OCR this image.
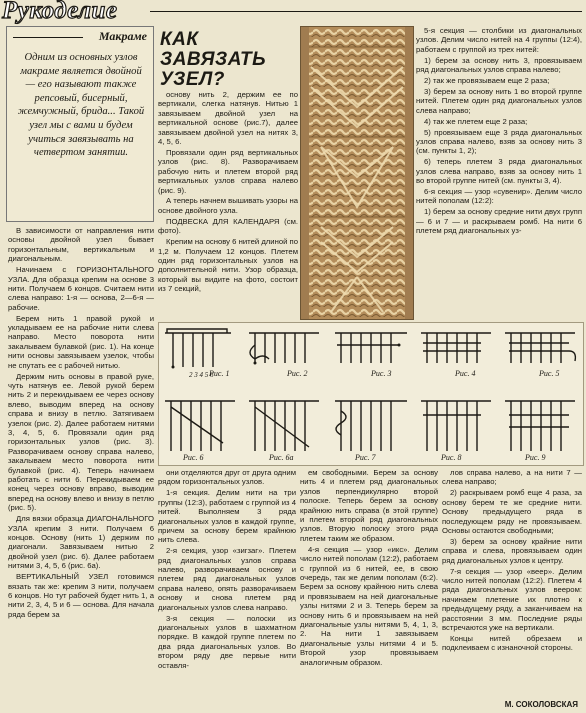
Рукоделие
Макраме
Одним из основных узлов макраме является двойной — его называют также репсовый, бисерный, жемчужный, брида... Такой узел мы с вами и будем учиться завязывать на четвертом занятии.
КАК ЗАВЯЗАТЬ УЗЕЛ?

В зависимости от направления нити основы двойной узел бывает горизонтальным, вертикальным и диагональным.

Начинаем с ГОРИЗОНТАЛЬНОГО УЗЛА. Для образца крепим на основе 3 нити. Получаем 6 концов. Считаем нити слева направо: 1-я — основа, 2—6-я — рабочие.

Берем нить 1 правой рукой и укладываем ее на рабочие нити слева направо. Место поворота нити закалываем булавкой (рис. 1). На конце нити основы завязываем узелок, чтобы не спутать ее с рабочей нитью.

Держим нить основы в правой руке, чуть натянув ее. Левой рукой берем нить 2 и перекидываем ее через основу влево, выводим вперед на основу справа и внизу в петлю. Затягиваем узелок (рис. 2). Далее работаем нитями 3, 4, 5, 6. Провязали один ряд горизонтальных узлов (рис. 3). Разворачиваем основу справа налево, закалываем место поворота нити булавкой (рис. 4). Теперь начинаем работать с нити 6. Перекидываем ее конец через основу вправо, выводим вперед на основу влево и внизу в петлю (рис. 5).

Для вязки образца ДИАГОНАЛЬНОГО УЗЛА крепим 3 нити. Получаем 6 концов. Основу (нить 1) держим по диагонали. Завязываем нитью 2 двойной узел (рис. 6). Далее работаем нитями 3, 4, 5, 6 (рис. 6а).

ВЕРТИКАЛЬНЫЙ УЗЕЛ готовимся вязать так же: крепим 3 нити, получаем 6 концов. Но тут рабочей будет нить 1, а нити 2, 3, 4, 5 и 6 — основа. Для начала ряда берем за

основу нить 2, держим ее по вертикали, слегка натянув. Нитью 1 завязываем двойной узел на вертикальной основе (рис.7), далее завязываем двойной узел на нитях 3, 4, 5, 6.

Провязали один ряд вертикальных узлов (рис. 8). Разворачиваем рабочую нить и плетем второй ряд вертикальных узлов справа налево (рис. 9).

А теперь начнем вышивать узоры на основе двойного узла.

ПОДВЕСКА ДЛЯ КАЛЕНДАРЯ (см. фото).

Крепим на основу 6 нитей длиной по 1,2 м. Получаем 12 концов. Плетем один ряд горизонтальных узлов на дополнительной нити. Узор образца, который вы видите на фото, состоит из 7 секций,

5-я секция — столбики из диагональных узлов. Делим число нитей на 4 группы (12:4), работаем с группой из трех нитей:

1) берем за основу нить 3, провязываем ряд диагональных узлов справа налево;

2) так же провязываем еще 2 раза;

3) берем за основу нить 1 во второй группе нитей. Плетем один ряд диагональных узлов слева направо;

4) так же плетем еще 2 раза;

5) провязываем еще 3 ряда диагональных узлов справа налево, взяв за основу нить 3 (см. пункты 1, 2);

6) теперь плетем 3 ряда диагональных узлов слева направо, взяв за основу нить 1 во второй группе нитей (см. пункты 3, 4).

6-я секция — узор «сувенир». Делим число нитей пополам (12:2):

1) берем за основу средние нити двух групп — 6 и 7 — и раскрываем ромб. На нити 6 плетем ряд диагональных уз-

2 3 4 5 6
Рис. 1	Рис. 2	Рис. 3	Рис. 4	Рис. 5
Рис. 6	Рис. 6а	Рис. 7	Рис. 8	Рис. 9

они отделяются друг от друга одним рядом горизонтальных узлов.

1-я секция. Делим нити на три группы (12:3), работаем с группой из 4 нитей. Выполняем 3 ряда диагональных узлов в каждой группе, причем за основу берем крайнюю нить слева.

2-я секция, узор «зигзаг». Плетем ряд диагональных узлов справа налево, разворачиваем основу и плетем ряд диагональных узлов справа налево, опять разворачиваем основу и снова плетем ряд диагональных узлов слева направо.

3-я секция — полоски из диагональных узлов в шахматном порядке. В каждой группе плетем по два ряда диагональных узлов. Во втором ряду две первые нити оставля-

ем свободными. Берем за основу нить 4 и плетем ряд диагональных узлов перпендикулярно второй полоске. Теперь берем за основу крайнюю нить справа (в этой группе) и плетем второй ряд диагональных узлов. Вторую полоску этого ряда плетем таким же образом.

4-я секция — узор «икс». Делим число нитей пополам (12:2), работаем с группой из 6 нитей, ее, в свою очередь, так же делим пополам (6:2). Берем за основу крайнюю нить слева и провязываем на ней диагональные узлы нитями 2 и 3. Теперь берем за основу нить 6 и провязываем на ней диагональные узлы нитями 5, 4, 1, 3, 2. На нити 1 завязываем диагональные узлы нитями 4 и 5. Второй узор провязываем аналогичным образом.

лов справа налево, а на нити 7 — слева направо;

2) раскрываем ромб еще 4 раза, за основу берем те же средние нити. Основу предыдущего ряда в последующем ряду не провязываем. Основы остаются свободными;

3) берем за основу крайние нити справа и слева, провязываем один ряд диагональных узлов к центру.

7-я секция — узор «веер». Делим число нитей пополам (12:2). Плетем 4 ряда диагональных узлов веером: начинаем плетение их плотно к предыдущему ряду, а заканчиваем на расстоянии 3 мм. Последние ряды встречаются уже на вертикали.

Концы нитей обрезаем и подклеиваем с изнаночной стороны.

М. СОКОЛОВСКАЯ
